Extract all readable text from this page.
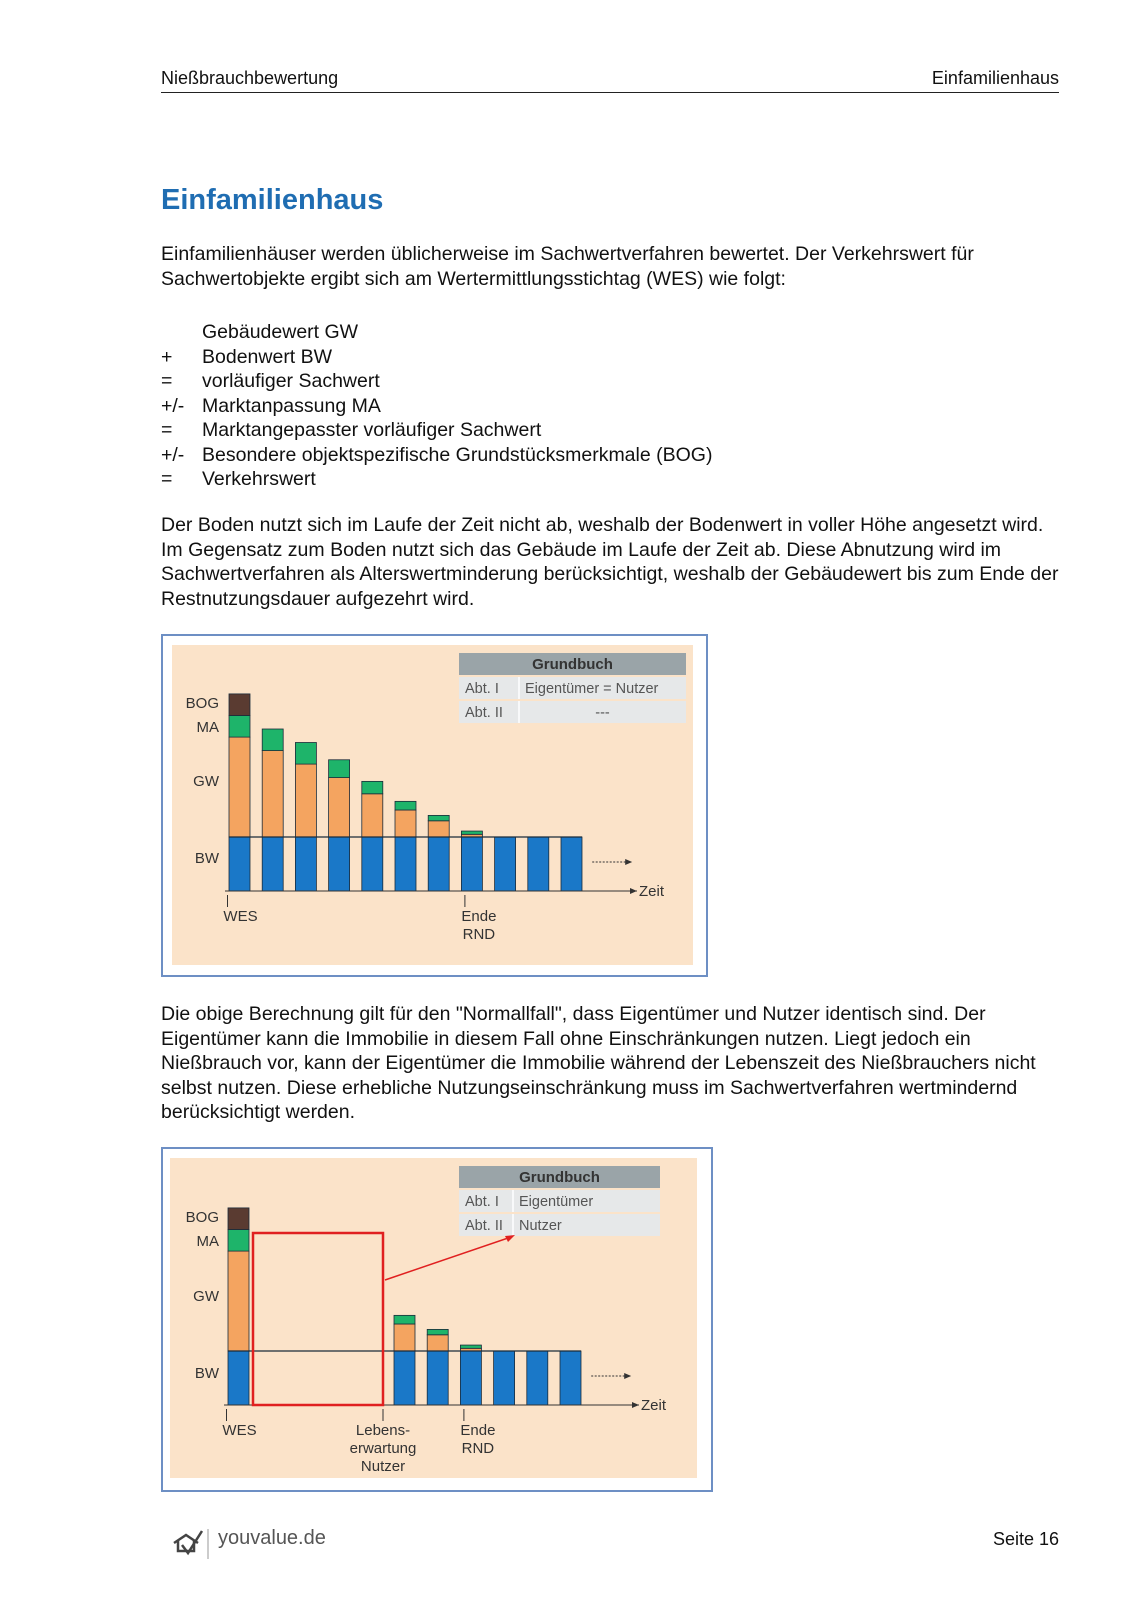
Nießbrauchbewertung	Einfamilienhaus
Einfamilienhaus

Einfamilienhäuser werden üblicherweise im Sachwertverfahren bewertet. Der Verkehrswert für Sachwertobjekte ergibt sich am Wertermittlungsstichtag (WES) wie folgt:

Gebäudewert GW
+ Bodenwert BW
= vorläufiger Sachwert
+/- Marktanpassung MA
= Marktangepasster vorläufiger Sachwert
+/- Besondere objektspezifische Grundstücksmerkmale (BOG)
= Verkehrswert

Der Boden nutzt sich im Laufe der Zeit nicht ab, weshalb der Bodenwert in voller Höhe angesetzt wird. Im Gegensatz zum Boden nutzt sich das Gebäude im Laufe der Zeit ab. Diese Abnutzung wird im Sachwertverfahren als Alterswertminderung berücksichtigt, weshalb der Gebäudewert bis zum Ende der Restnutzungsdauer aufgezehrt wird.

BOG
MA
GW
BW
Zeit
WES	Ende
RND
Grundbuch
Abt. I Eigentümer = Nutzer
Abt. II	---

Die obige Berechnung gilt für den "Normallfall", dass Eigentümer und Nutzer identisch sind. Der Eigentümer kann die Immobilie in diesem Fall ohne Einschränkungen nutzen. Liegt jedoch ein Nießbrauch vor, kann der Eigentümer die Immobilie während der Lebenszeit des Nießbrauchers nicht selbst nutzen. Diese erhebliche Nutzungseinschränkung muss im Sachwertverfahren wertmindernd berücksichtigt werden.

BOG
MA
GW
BW
Zeit
WES	Ende
RND
Grundbuch
Abt. I Eigentümer
Abt. II Nutzer
Lebens-
erwartung
Nutzer
youvalue.de	Seite 16
